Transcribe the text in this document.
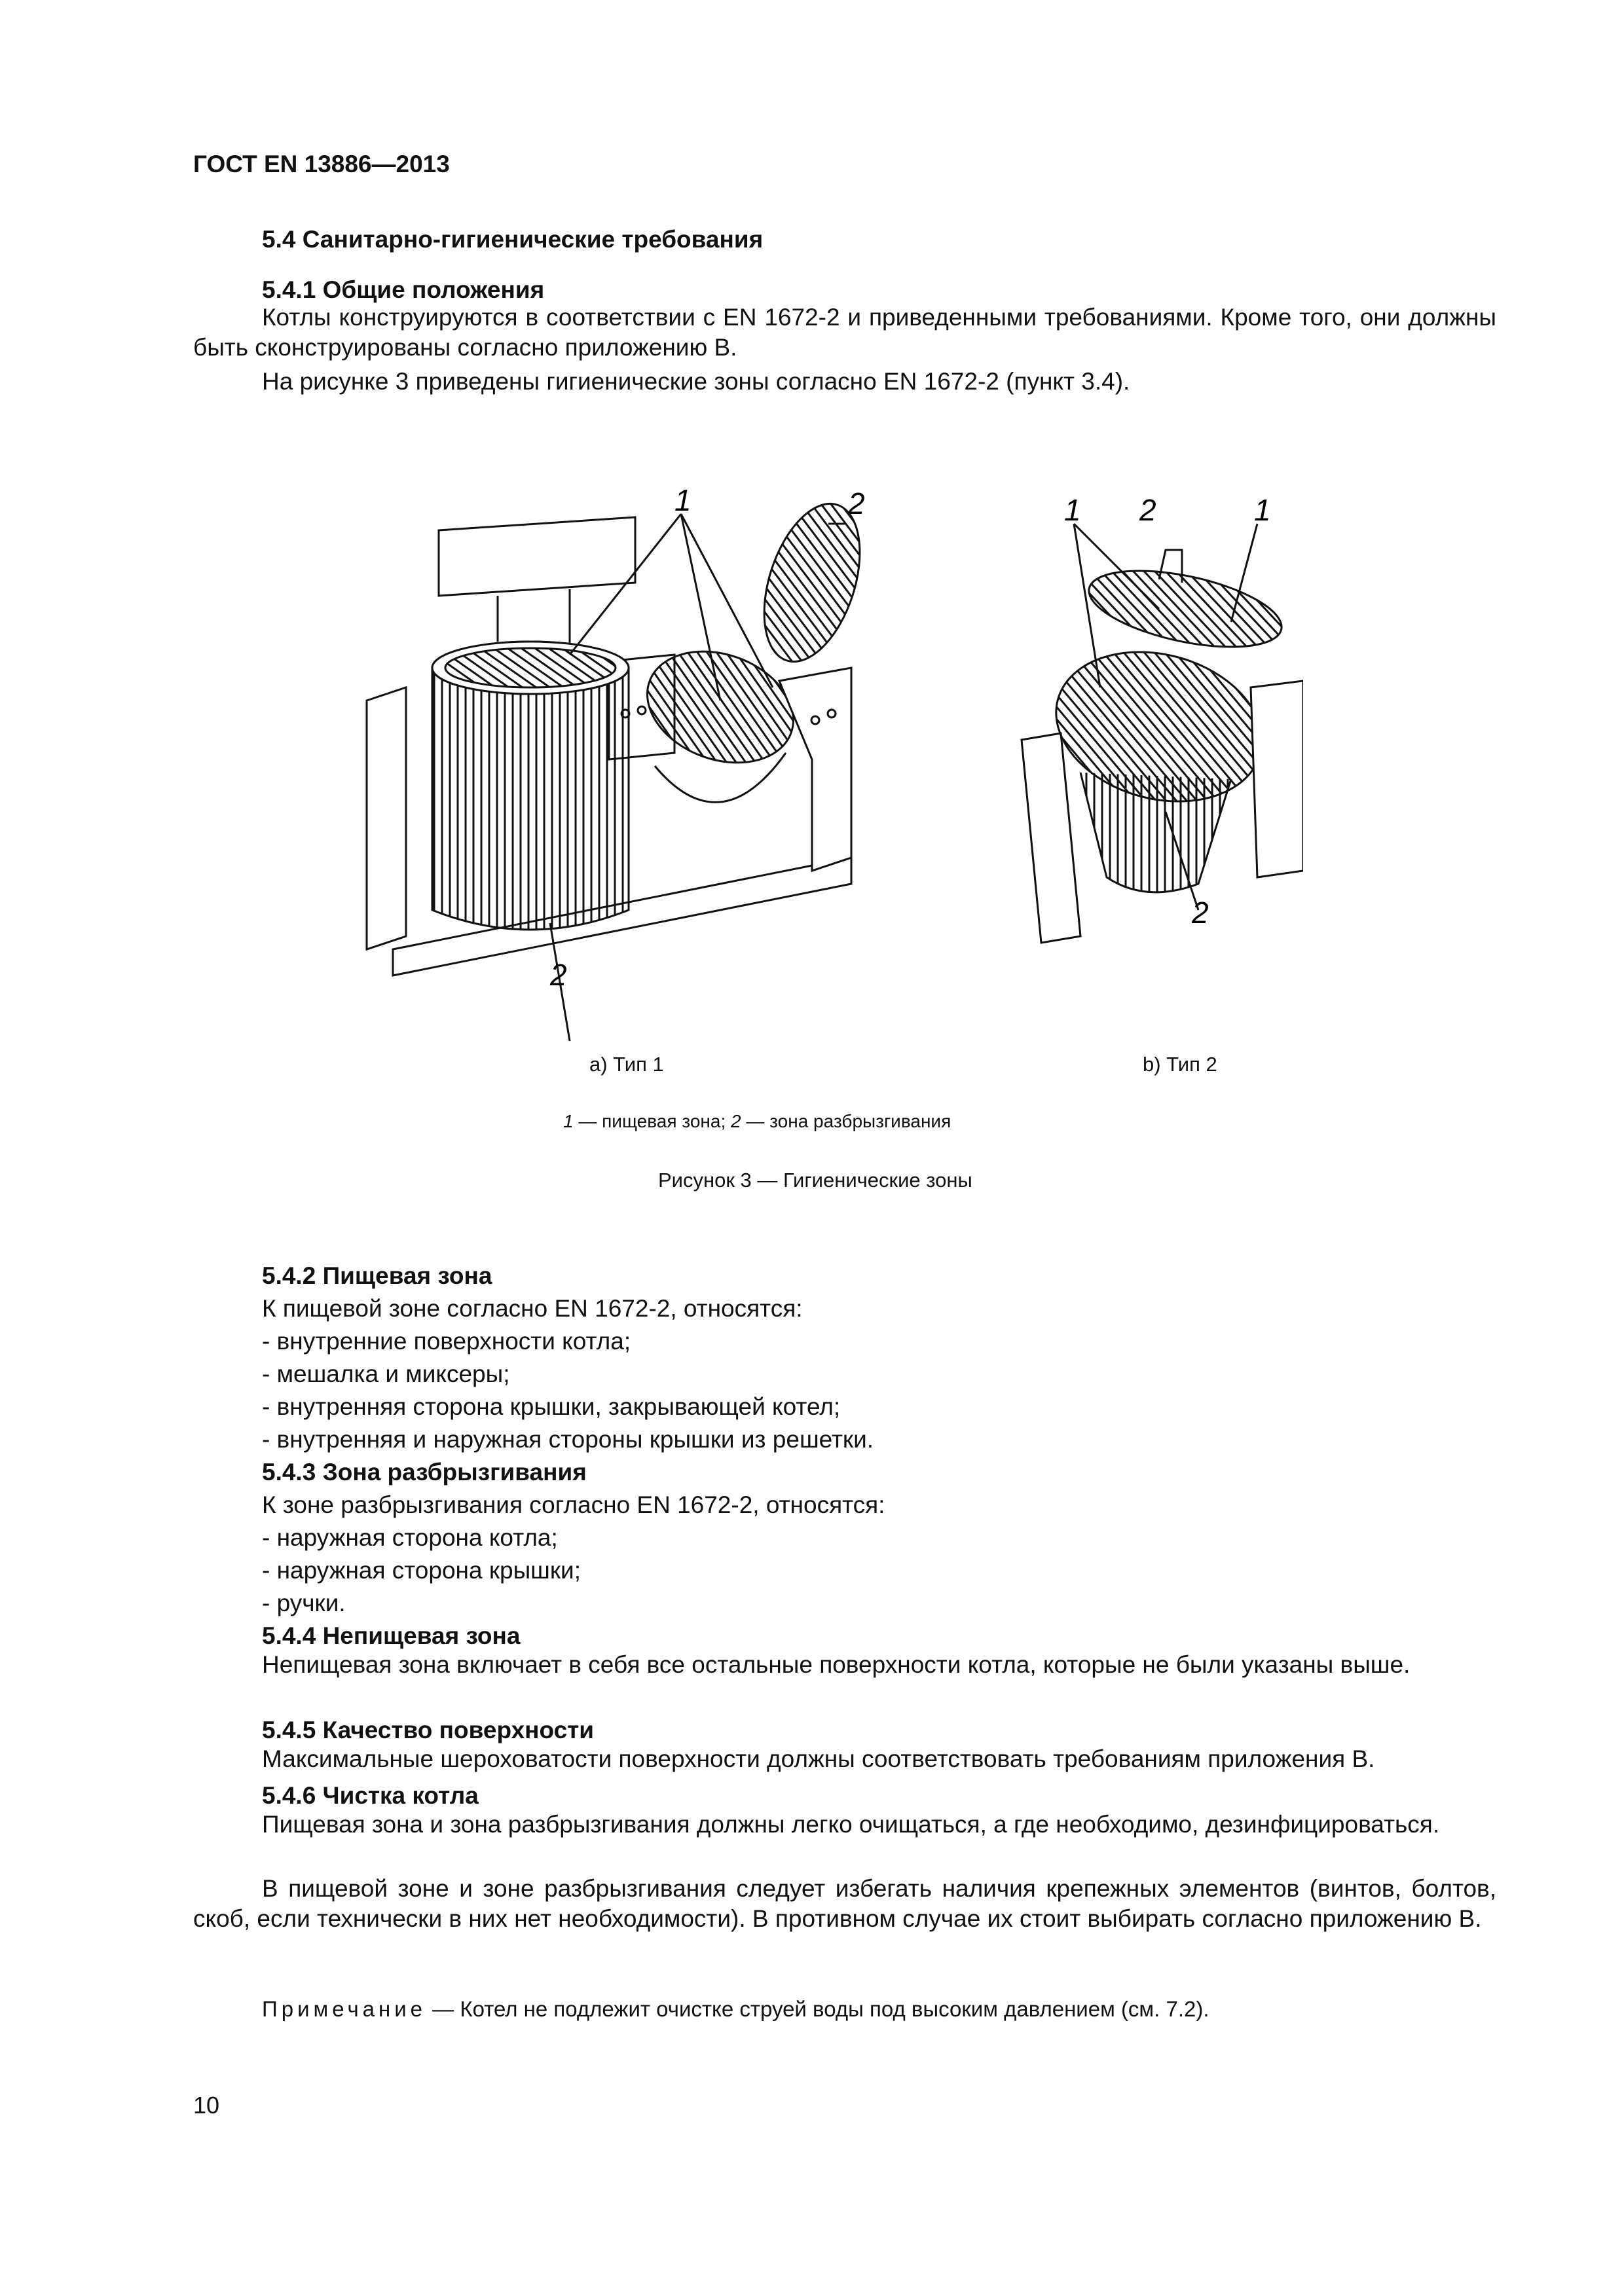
ГОСТ EN 13886—2013
5.4 Санитарно-гигиенические требования
5.4.1 Общие положения

Котлы конструируются в соответствии с EN 1672-2 и приведенными требованиями. Кроме того, они должны быть сконструированы согласно приложению B.

На рисунке 3 приведены гигиенические зоны согласно EN 1672-2 (пункт 3.4).

1	2
2
1 2	1
2
a) Тип 1	b) Тип 2
1 — пищевая зона; 2 — зона разбрызгивания
Рисунок 3 — Гигиенические зоны
5.4.2 Пищевая зона
К пищевой зоне согласно EN 1672-2, относятся:
- внутренние поверхности котла;
- мешалка и миксеры;
- внутренняя сторона крышки, закрывающей котел;
- внутренняя и наружная стороны крышки из решетки.
5.4.3 Зона разбрызгивания
К зоне разбрызгивания согласно EN 1672-2, относятся:
- наружная сторона котла;
- наружная сторона крышки;
- ручки.
5.4.4 Непищевая зона

Непищевая зона включает в себя все остальные поверхности котла, которые не были указаны выше.

5.4.5 Качество поверхности

Максимальные шероховатости поверхности должны соответствовать требованиям приложения B.

5.4.6 Чистка котла

Пищевая зона и зона разбрызгивания должны легко очищаться, а где необходимо, дезинфицироваться.

В пищевой зоне и зоне разбрызгивания следует избегать наличия крепежных элементов (винтов, болтов, скоб, если технически в них нет необходимости). В противном случае их стоит выбирать согласно приложению B.

Примечание — Котел не подлежит очистке струей воды под высоким давлением (см. 7.2).
10
